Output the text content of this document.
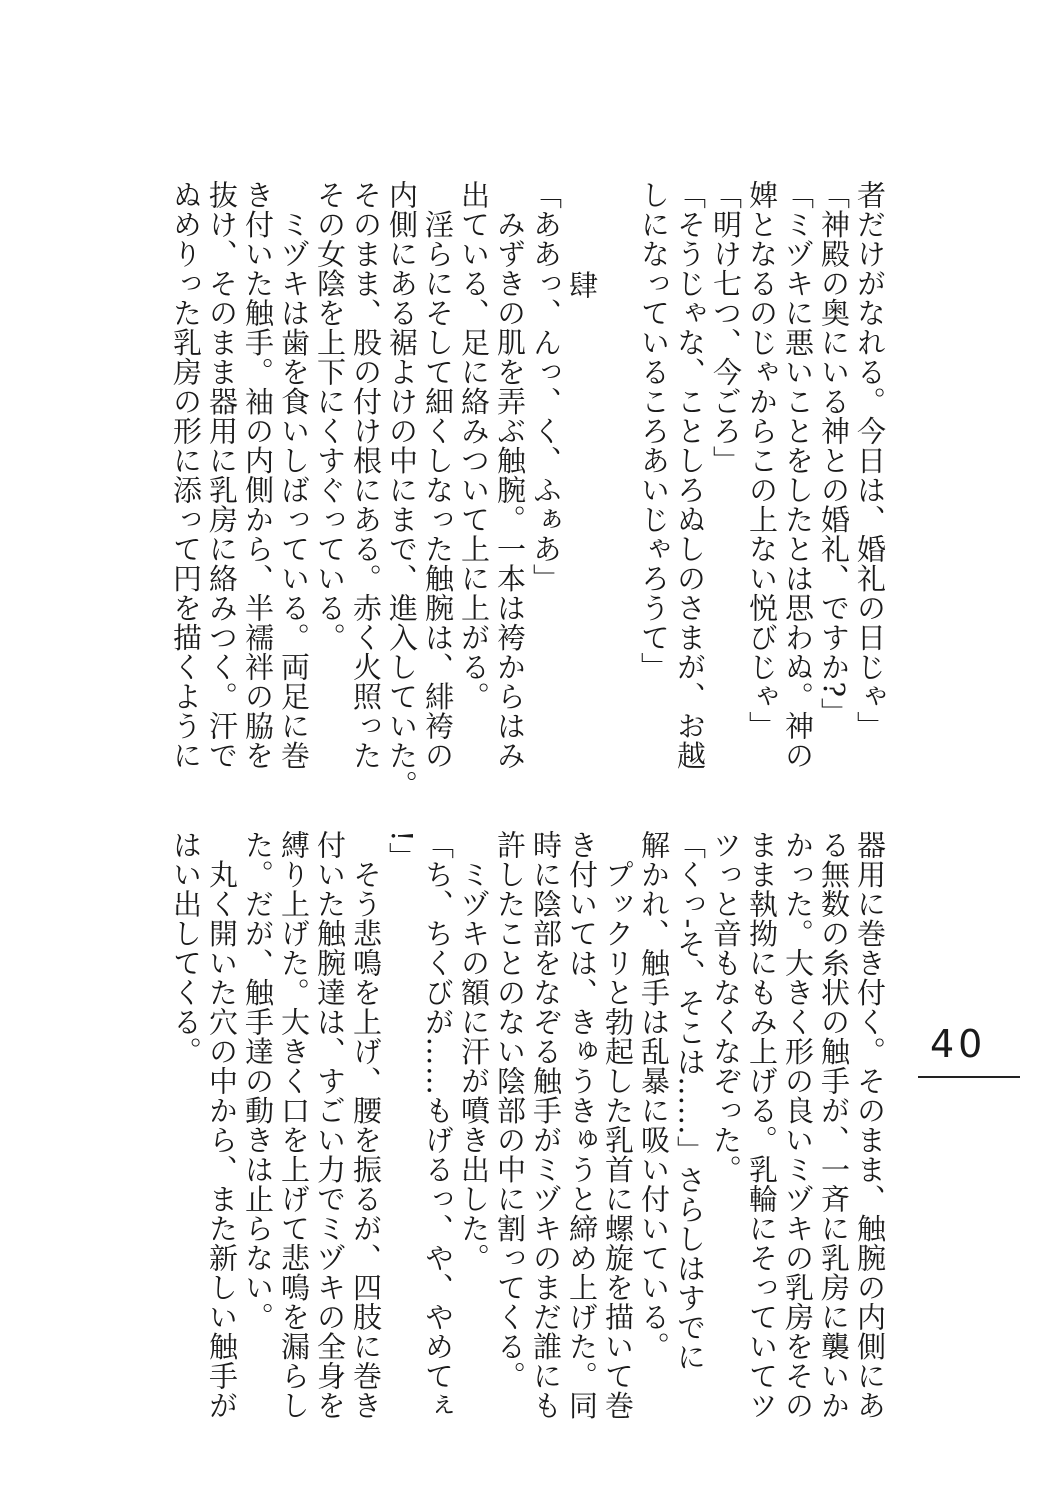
者だけがなれる。今日は、婚礼の日じゃ」
「神殿の奥にいる神との婚礼、ですか?」
「ミヅキに悪いことをしたとは思わぬ。神の
婢となるのじゃからこの上ない悦びじゃ」
「明け七つ、今ごろ」
「そうじゃな、ことしろぬしのさまが、お越
しになっているころあいじゃろうて」
肆
「ああっ、んっ、く、ふぁあ」
　みずきの肌を弄ぶ触腕。一本は袴からはみ
出ている、足に絡みついて上に上がる。
　淫らにそして細くしなった触腕は、緋袴の
内側にある裾よけの中にまで、進入していた。
そのまま、股の付け根にある。赤く火照った
その女陰を上下にくすぐっている。
　ミヅキは歯を食いしばっている。両足に巻
き付いた触手。袖の内側から、半襦袢の脇を
抜け、そのまま器用に乳房に絡みつく。汗で
ぬめりった乳房の形に添って円を描くように
器用に巻き付く。そのまま、触腕の内側にあ
る無数の糸状の触手が、一斉に乳房に襲いか
かった。大きく形の良いミヅキの乳房をその
まま執拗にもみ上げる。乳輪にそっていてツ
ツっと音もなくなぞった。
「くっ-そ、そこは……」さらしはすでに
解かれ、触手は乱暴に吸い付いている。
　プックリと勃起した乳首に螺旋を描いて巻
き付いては、きゅうきゅうと締め上げた。同
時に陰部をなぞる触手がミヅキのまだ誰にも
許したことのない陰部の中に割ってくる。
　ミヅキの額に汗が噴き出した。
「ち、ちくびが……もげるっ、や、やめてぇ
!」
　そう悲鳴を上げ、腰を振るが、四肢に巻き
付いた触腕達は、すごい力でミヅキの全身を
縛り上げた。大きく口を上げて悲鳴を漏らし
た。だが、触手達の動きは止らない。
　丸く開いた穴の中から、また新しい触手が
はい出してくる。	40
